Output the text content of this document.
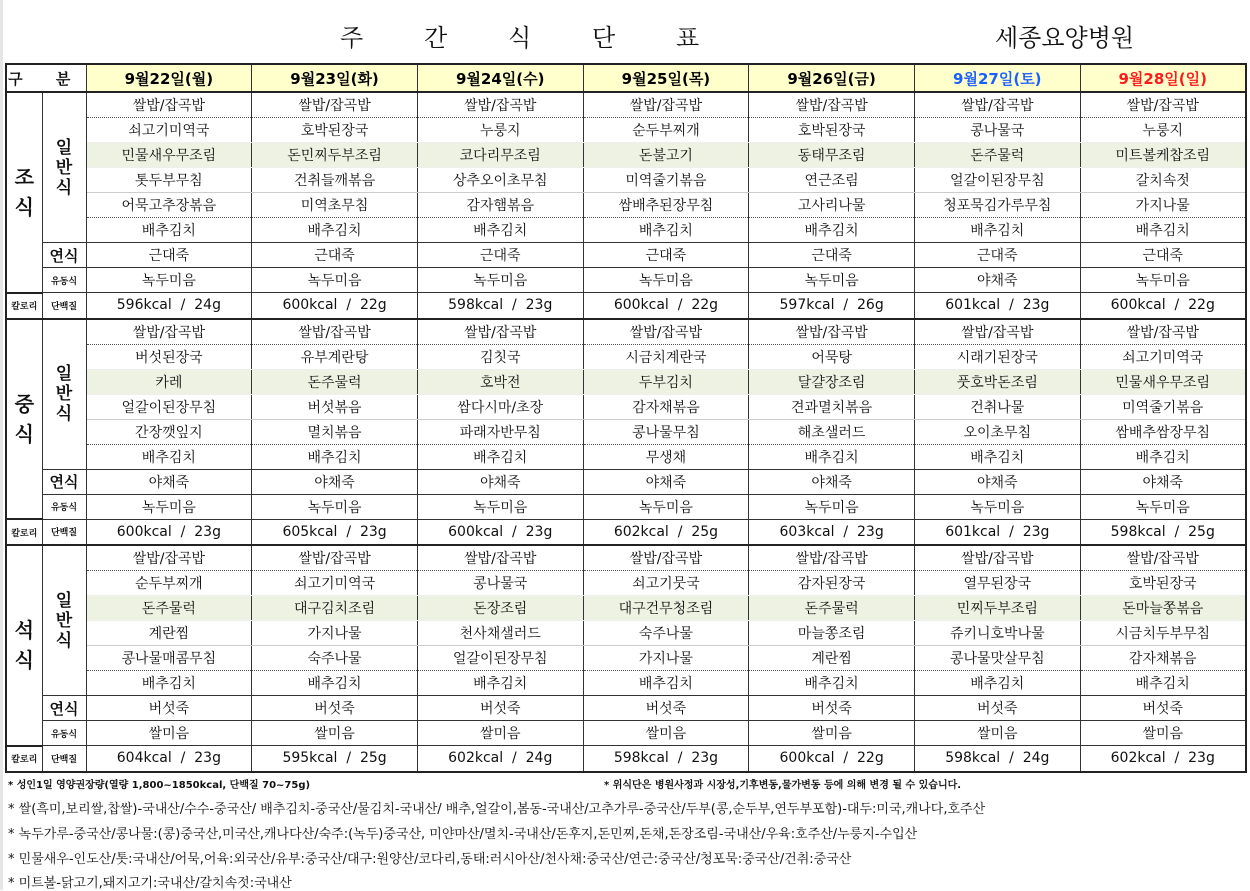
주	간	식	단	표	세종요양병원
구 분		9월22일(월)	9월23일(화)	9월24일(수)	9월25일(목)	9월26일(금)	9월27일(토)	9월28일(일)
조식	일반식	쌀밥/잡곡밥	쌀밥/잡곡밥	쌀밥/잡곡밥	쌀밥/잡곡밥	쌀밥/잡곡밥	쌀밥/잡곡밥	쌀밥/잡곡밥
		쇠고기미역국	호박된장국	누룽지	순두부찌개	호박된장국	콩나물국	누룽지
		민물새우무조림	돈민찌두부조림	코다리무조림	돈불고기	동태무조림	돈주물럭	미트볼케찹조림
		톳두부무침	건취들깨볶음	상추오이초무침	미역줄기볶음	연근조림	얼갈이된장무침	갈치속젓
		어묵고추장볶음	미역초무침	감자햄볶음	쌈배추된장무침	고사리나물	청포묵김가루무침	가지나물
		배추김치	배추김치	배추김치	배추김치	배추김치	배추김치	배추김치
	연식	근대죽	근대죽	근대죽	근대죽	근대죽	근대죽	근대죽
	유동식	녹두미음	녹두미음	녹두미음	녹두미음	녹두미음	야채죽	녹두미음
칼로리	단백질	596kcal  /  24g	600kcal  /  22g	598kcal  /  23g	600kcal  /  22g	597kcal  /  26g	601kcal  /  23g	600kcal  /  22g
중식	일반식	쌀밥/잡곡밥	쌀밥/잡곡밥	쌀밥/잡곡밥	쌀밥/잡곡밥	쌀밥/잡곡밥	쌀밥/잡곡밥	쌀밥/잡곡밥
		버섯된장국	유부계란탕	김칫국	시금치계란국	어묵탕	시래기된장국	쇠고기미역국
		카레	돈주물럭	호박전	두부김치	달걀장조림	풋호박돈조림	민물새우무조림
		얼갈이된장무침	버섯볶음	쌈다시마/초장	감자채볶음	견과멸치볶음	건취나물	미역줄기볶음
		간장깻잎지	멸치볶음	파래자반무침	콩나물무침	해초샐러드	오이초무침	쌈배추쌈장무침
		배추김치	배추김치	배추김치	무생채	배추김치	배추김치	배추김치
	연식	야채죽	야채죽	야채죽	야채죽	야채죽	야채죽	야채죽
	유동식	녹두미음	녹두미음	녹두미음	녹두미음	녹두미음	녹두미음	녹두미음
칼로리	단백질	600kcal  /  23g	605kcal  /  23g	600kcal  /  23g	602kcal  /  25g	603kcal  /  23g	601kcal  /  23g	598kcal  /  25g
석식	일반식	쌀밥/잡곡밥	쌀밥/잡곡밥	쌀밥/잡곡밥	쌀밥/잡곡밥	쌀밥/잡곡밥	쌀밥/잡곡밥	쌀밥/잡곡밥
		순두부찌개	쇠고기미역국	콩나물국	쇠고기뭇국	감자된장국	열무된장국	호박된장국
		돈주물럭	대구김치조림	돈장조림	대구건무청조림	돈주물럭	민찌두부조림	돈마늘쫑볶음
		계란찜	가지나물	천사채샐러드	숙주나물	마늘쫑조림	쥬키니호박나물	시금치두부무침
		콩나물매콤무침	숙주나물	얼갈이된장무침	가지나물	계란찜	콩나물맛살무침	감자채볶음
		배추김치	배추김치	배추김치	배추김치	배추김치	배추김치	배추김치
	연식	버섯죽	버섯죽	버섯죽	버섯죽	버섯죽	버섯죽	버섯죽
	유동식	쌀미음	쌀미음	쌀미음	쌀미음	쌀미음	쌀미음	쌀미음
칼로리	단백질	604kcal  /  23g	595kcal  /  25g	602kcal  /  24g	598kcal  /  23g	600kcal  /  22g	598kcal  /  24g	602kcal  /  23g
* 성인1일 영양권장량(열량 1,800~1850kcal, 단백질 70~75g)	* 위식단은 병원사정과 시장성,기후변동,물가변동 등에 의해 변경 될 수 있습니다.
* 쌀(흑미,보리쌀,찹쌀)-국내산/수수-중국산/ 배추김치-중국산/물김치-국내산/ 배추,얼갈이,봄동-국내산/고추가루-중국산/두부(콩,순두부,연두부포함)-대두:미국,캐나다,호주산
* 녹두가루-중국산/콩나물:(콩)중국산,미국산,캐나다산/숙주:(녹두)중국산, 미얀마산/멸치-국내산/돈후지,돈민찌,돈채,돈장조림-국내산/우육:호주산/누룽지-수입산
* 민물새우-인도산/톳:국내산/어묵,어육:외국산/유부:중국산/대구:원양산/코다리,동태:러시아산/천사채:중국산/연근:중국산/청포묵:중국산/건취:중국산
* 미트볼-닭고기,돼지고기:국내산/갈치속젓:국내산
